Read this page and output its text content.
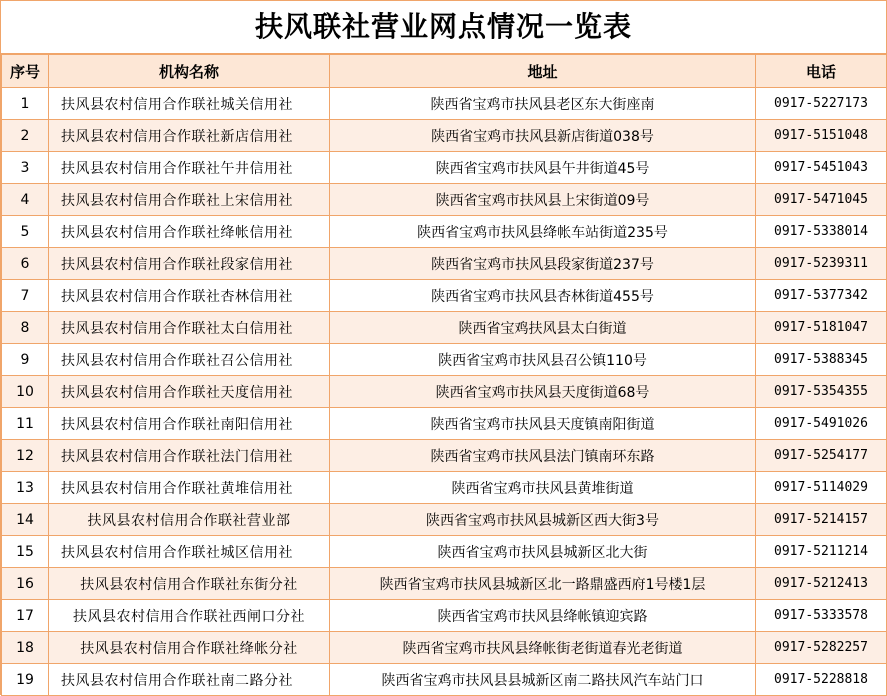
扶风联社营业网点情况一览表
序号	机构名称	地址	电话
1	扶风县农村信用合作联社城关信用社	陕西省宝鸡市扶风县老区东大街座南	0917-5227173
2	扶风县农村信用合作联社新店信用社	陕西省宝鸡市扶风县新店街道038号	0917-5151048
3	扶风县农村信用合作联社午井信用社	陕西省宝鸡市扶风县午井街道45号	0917-5451043
4	扶风县农村信用合作联社上宋信用社	陕西省宝鸡市扶风县上宋街道09号	0917-5471045
5	扶风县农村信用合作联社绛帐信用社	陕西省宝鸡市扶风县绛帐车站街道235号	0917-5338014
6	扶风县农村信用合作联社段家信用社	陕西省宝鸡市扶风县段家街道237号	0917-5239311
7	扶风县农村信用合作联社杏林信用社	陕西省宝鸡市扶风县杏林街道455号	0917-5377342
8	扶风县农村信用合作联社太白信用社	陕西省宝鸡扶风县太白街道	0917-5181047
9	扶风县农村信用合作联社召公信用社	陕西省宝鸡市扶风县召公镇110号	0917-5388345
10	扶风县农村信用合作联社天度信用社	陕西省宝鸡市扶风县天度街道68号	0917-5354355
11	扶风县农村信用合作联社南阳信用社	陕西省宝鸡市扶风县天度镇南阳街道	0917-5491026
12	扶风县农村信用合作联社法门信用社	陕西省宝鸡市扶风县法门镇南环东路	0917-5254177
13	扶风县农村信用合作联社黄堆信用社	陕西省宝鸡市扶风县黄堆街道	0917-5114029
14	扶风县农村信用合作联社营业部	陕西省宝鸡市扶风县城新区西大街3号	0917-5214157
15	扶风县农村信用合作联社城区信用社	陕西省宝鸡市扶风县城新区北大街	0917-5211214
16	扶风县农村信用合作联社东街分社	陕西省宝鸡市扶风县城新区北一路鼎盛西府1号楼1层	0917-5212413
17	扶风县农村信用合作联社西闸口分社	陕西省宝鸡市扶风县绛帐镇迎宾路	0917-5333578
18	扶风县农村信用合作联社绛帐分社	陕西省宝鸡市扶风县绛帐街老街道春光老街道	0917-5282257
19	扶风县农村信用合作联社南二路分社	陕西省宝鸡市扶风县县城新区南二路扶风汽车站门口	0917-5228818
